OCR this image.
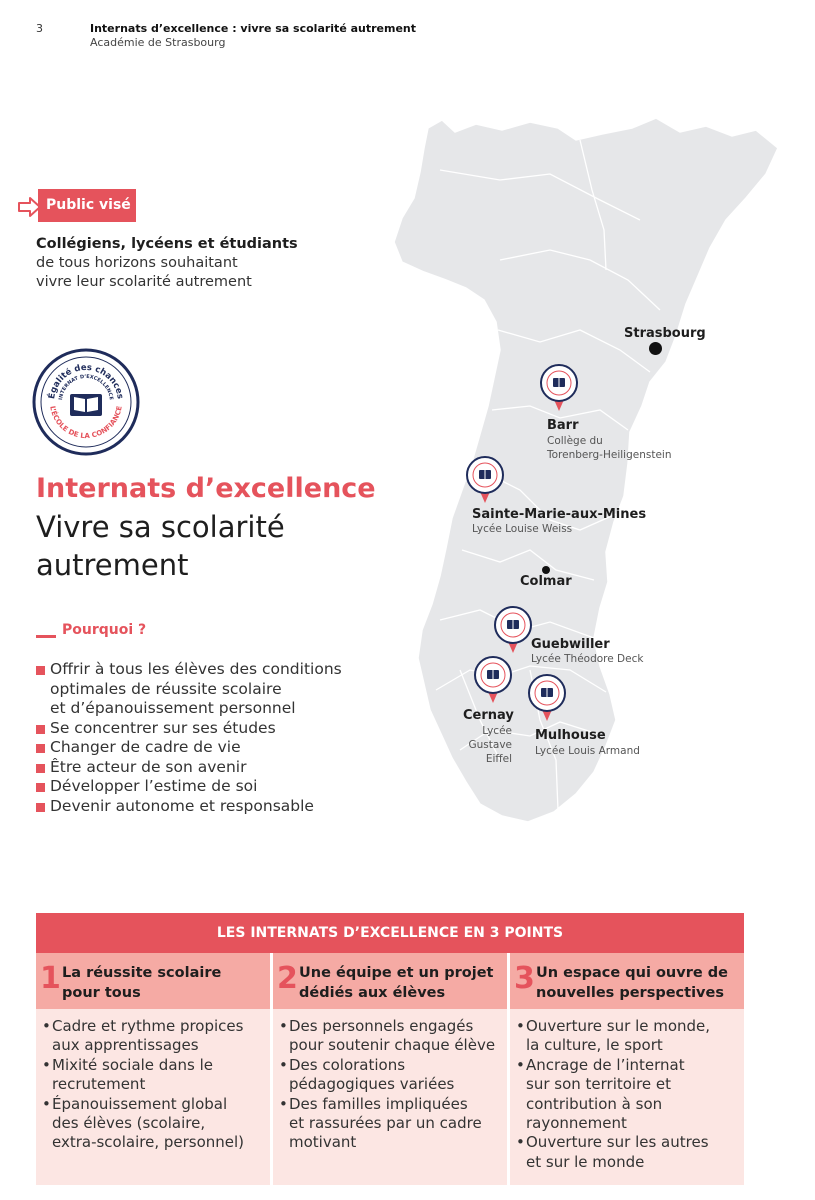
3	Internats d’excellence : vivre sa scolarité autrement
Académie de Strasbourg
Strasbourg
Colmar
Barr
Collège du
Torenberg-Heiligenstein
Sainte-Marie-aux-Mines
Lycée Louise Weiss
Guebwiller
Lycée Théodore Deck
Cernay
Lycée Gustave
Eiffel
Mulhouse
Lycée Louis Armand
Public visé
Collégiens, lycéens et étudiants
de tous horizons souhaitant
vivre leur scolarité autrement
Égalité des chances
INTERNAT D’EXCELLENCE
L’ÉCOLE DE LA CONFIANCE
Internats d’excellence
Vivre sa scolarité
autrement
Pourquoi ?
Offrir à tous les élèves des conditions
optimales de réussite scolaire
et d’épanouissement personnel
Se concentrer sur ses études
Changer de cadre de vie
Être acteur de son avenir
Développer l’estime de soi
Devenir autonome et responsable
LES INTERNATS D’EXCELLENCE EN 3 POINTS
1 La réussite scolaire
pour tous
• Cadre et rythme propices
aux apprentissages
• Mixité sociale dans le
recrutement
• Épanouissement global
des élèves (scolaire,
extra-scolaire, personnel)
2 Une équipe et un projet
dédiés aux élèves
• Des personnels engagés
pour soutenir chaque élève
• Des colorations
pédagogiques variées
• Des familles impliquées
et rassurées par un cadre
motivant
3 Un espace qui ouvre de
nouvelles perspectives
• Ouverture sur le monde,
la culture, le sport
• Ancrage de l’internat
sur son territoire et
contribution à son
rayonnement
• Ouverture sur les autres
et sur le monde
